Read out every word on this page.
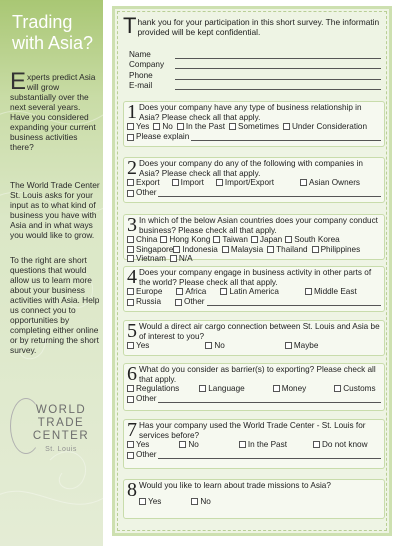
Trading
with Asia?
Experts predict Asia will grow substantially over the next several years. Have you considered expanding your current business activities there?
The World Trade Center St. Louis asks for your input as to what kind of business you have with Asia and in what ways you would like to grow.
To the right are short questions that would allow us to learn more about your business activities with Asia. Help us connect you to opportunities by completing either online or by returning the short survey.
WORLD
TRADE
CENTER
St. Louis
Thank you for your participation in this short survey. The informatin provided will be kept confidential.
Name
Company
Phone
E-mail
1 Does your company have any type of business relationship in Asia? Please check all that apply.
Yes No In the Past Sometimes Under Consideration
Please explain
2 Does your company do any of the following with companies in Asia? Please check all that apply.
Export	Import	Import/Export	Asian Owners
Other
3 In which of the below Asian countries does your company conduct business? Please check all that apply.
China Hong Kong Taiwan Japan South Korea
Singapore Indonesia Malaysia Thailand Philippines
Vietnam N/A
4 Does your company engage in business activity in other parts of the world? Please check all that apply.
Europe	Africa	Latin America	Middle East
Russia	Other
5 Would a direct air cargo connection between St. Louis and Asia be of interest to you?
Yes	No	Maybe
6 What do you consider as barrier(s) to exporting? Please check all that apply.
Regulations	Language	Money	Customs
Other
7 Has your company used the World Trade Center - St. Louis for services before?
Yes	No	In the Past	Do not know
Other
8 Would you like to learn about trade missions to Asia?
Yes	No
